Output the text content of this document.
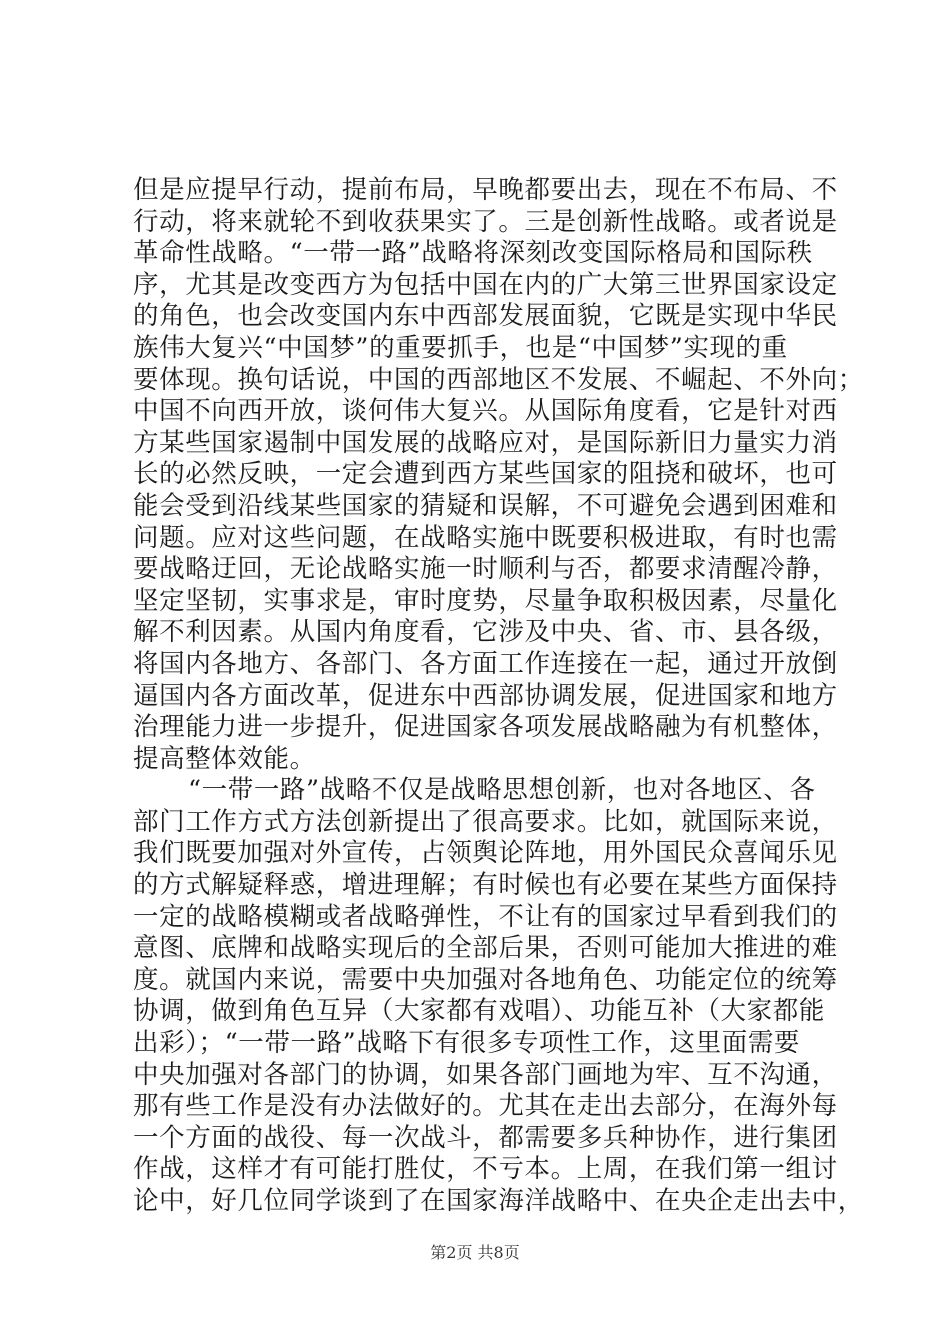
但是应提早行动，提前布局，早晚都要出去，现在不布局、不
行动，将来就轮不到收获果实了。三是创新性战略。或者说是
革命性战略。“一带一路”战略将深刻改变国际格局和国际秩
序，尤其是改变西方为包括中国在内的广大第三世界国家设定
的角色，也会改变国内东中西部发展面貌，它既是实现中华民
族伟大复兴“中国梦”的重要抓手，也是“中国梦”实现的重
要体现。换句话说，中国的西部地区不发展、不崛起、不外向；
中国不向西开放，谈何伟大复兴。从国际角度看，它是针对西
方某些国家遏制中国发展的战略应对，是国际新旧力量实力消
长的必然反映，一定会遭到西方某些国家的阻挠和破坏，也可
能会受到沿线某些国家的猜疑和误解，不可避免会遇到困难和
问题。应对这些问题，在战略实施中既要积极进取，有时也需
要战略迂回，无论战略实施一时顺利与否，都要求清醒冷静，
坚定坚韧，实事求是，审时度势，尽量争取积极因素，尽量化
解不利因素。从国内角度看，它涉及中央、省、市、县各级，
将国内各地方、各部门、各方面工作连接在一起，通过开放倒
逼国内各方面改革，促进东中西部协调发展，促进国家和地方
治理能力进一步提升，促进国家各项发展战略融为有机整体，
提高整体效能。
“一带一路”战略不仅是战略思想创新，也对各地区、各
部门工作方式方法创新提出了很高要求。比如，就国际来说，
我们既要加强对外宣传，占领舆论阵地，用外国民众喜闻乐见
的方式解疑释惑，增进理解；有时候也有必要在某些方面保持
一定的战略模糊或者战略弹性，不让有的国家过早看到我们的
意图、底牌和战略实现后的全部后果，否则可能加大推进的难
度。就国内来说，需要中央加强对各地角色、功能定位的统筹
协调，做到角色互异（大家都有戏唱）、功能互补（大家都能
出彩）；“一带一路”战略下有很多专项性工作，这里面需要
中央加强对各部门的协调，如果各部门画地为牢、互不沟通，
那有些工作是没有办法做好的。尤其在走出去部分，在海外每
一个方面的战役、每一次战斗，都需要多兵种协作，进行集团
作战，这样才有可能打胜仗，不亏本。上周，在我们第一组讨
论中，好几位同学谈到了在国家海洋战略中、在央企走出去中，
第2页 共8页
